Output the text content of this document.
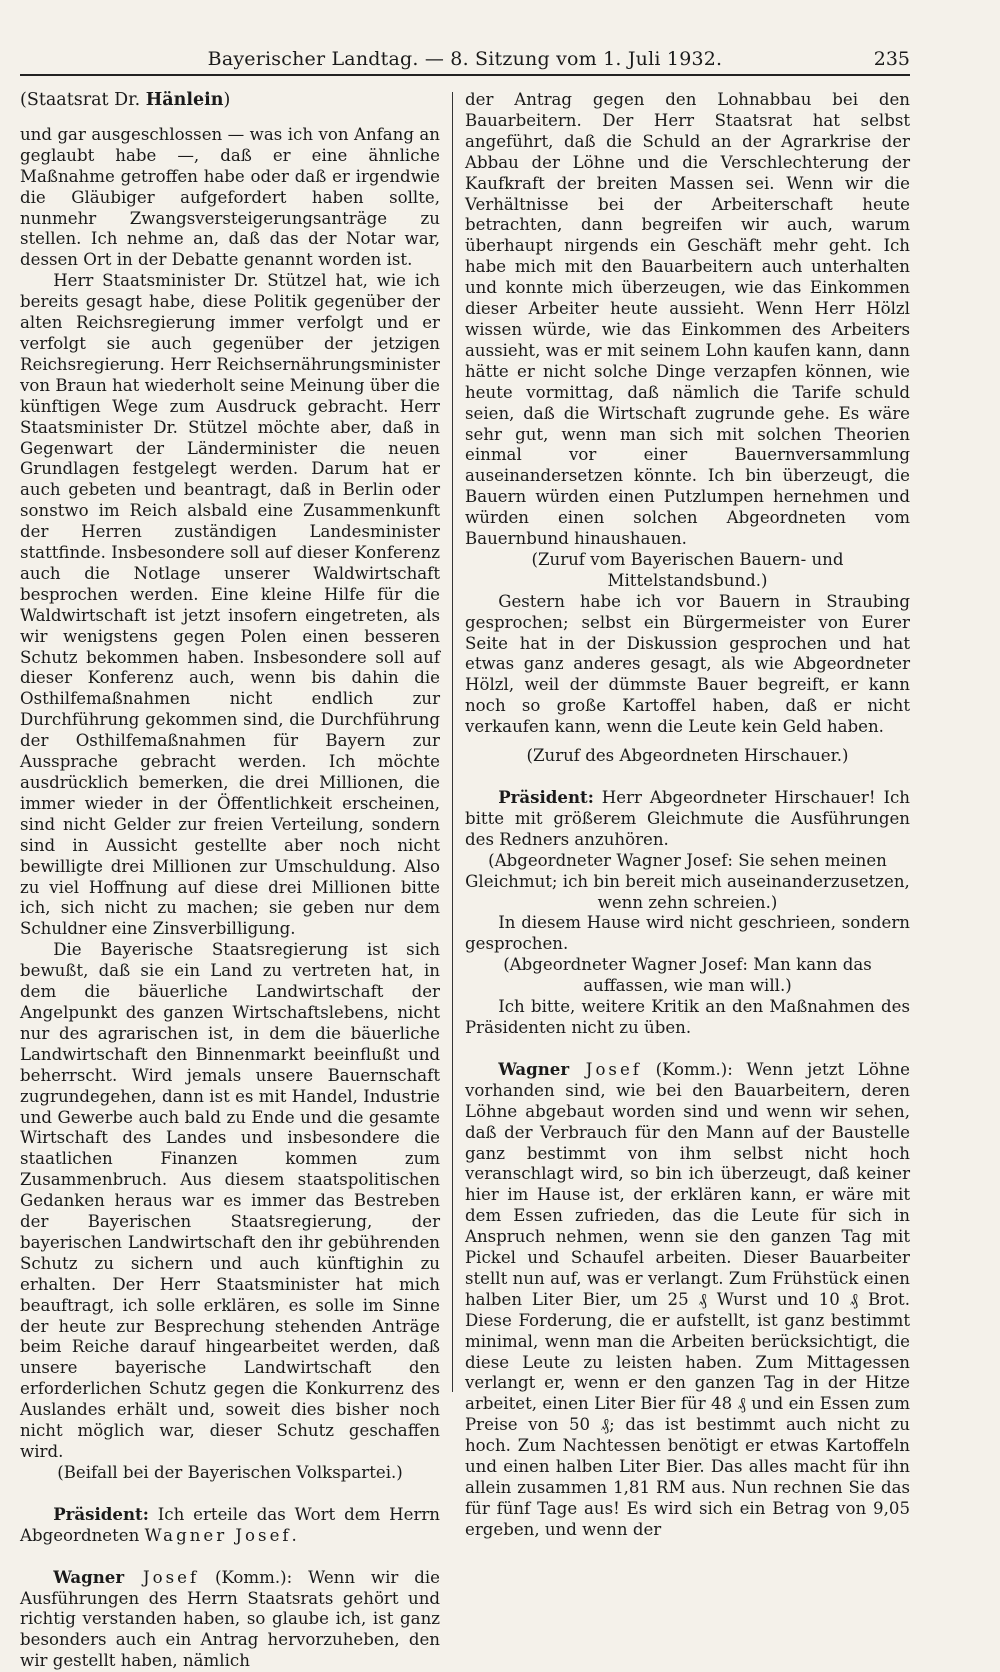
Bayerischer Landtag. — 8. Sitzung vom 1. Juli 1932.	235

(Staatsrat Dr. Hänlein)

und gar ausgeschlossen — was ich von Anfang an geglaubt habe —, daß er eine ähnliche Maßnahme getroffen habe oder daß er irgendwie die Gläubiger aufgefordert haben sollte, nunmehr Zwangsversteigerungsanträge zu stellen. Ich nehme an, daß das der Notar war, dessen Ort in der Debatte genannt worden ist.

Herr Staatsminister Dr. Stützel hat, wie ich bereits gesagt habe, diese Politik gegenüber der alten Reichsregierung immer verfolgt und er verfolgt sie auch gegenüber der jetzigen Reichsregierung. Herr Reichsernährungsminister von Braun hat wiederholt seine Meinung über die künftigen Wege zum Ausdruck gebracht. Herr Staatsminister Dr. Stützel möchte aber, daß in Gegenwart der Länderminister die neuen Grundlagen festgelegt werden. Darum hat er auch gebeten und beantragt, daß in Berlin oder sonstwo im Reich alsbald eine Zusammenkunft der Herren zuständigen Landesminister stattfinde. Insbesondere soll auf dieser Konferenz auch die Notlage unserer Waldwirtschaft besprochen werden. Eine kleine Hilfe für die Waldwirtschaft ist jetzt insofern eingetreten, als wir wenigstens gegen Polen einen besseren Schutz bekommen haben. Insbesondere soll auf dieser Konferenz auch, wenn bis dahin die Osthilfemaßnahmen nicht endlich zur Durchführung gekommen sind, die Durchführung der Osthilfemaßnahmen für Bayern zur Aussprache gebracht werden. Ich möchte ausdrücklich bemerken, die drei Millionen, die immer wieder in der Öffentlichkeit erscheinen, sind nicht Gelder zur freien Verteilung, sondern sind in Aussicht gestellte aber noch nicht bewilligte drei Millionen zur Umschuldung. Also zu viel Hoffnung auf diese drei Millionen bitte ich, sich nicht zu machen; sie geben nur dem Schuldner eine Zinsverbilligung.

Die Bayerische Staatsregierung ist sich bewußt, daß sie ein Land zu vertreten hat, in dem die bäuerliche Landwirtschaft der Angelpunkt des ganzen Wirtschaftslebens, nicht nur des agrarischen ist, in dem die bäuerliche Landwirtschaft den Binnenmarkt beeinflußt und beherrscht. Wird jemals unsere Bauernschaft zugrundegehen, dann ist es mit Handel, Industrie und Gewerbe auch bald zu Ende und die gesamte Wirtschaft des Landes und insbesondere die staatlichen Finanzen kommen zum Zusammenbruch. Aus diesem staatspolitischen Gedanken heraus war es immer das Bestreben der Bayerischen Staatsregierung, der bayerischen Landwirtschaft den ihr gebührenden Schutz zu sichern und auch künftighin zu erhalten. Der Herr Staatsminister hat mich beauftragt, ich solle erklären, es solle im Sinne der heute zur Besprechung stehenden Anträge beim Reiche darauf hingearbeitet werden, daß unsere bayerische Landwirtschaft den erforderlichen Schutz gegen die Konkurrenz des Auslandes erhält und, soweit dies bisher noch nicht möglich war, dieser Schutz geschaffen wird.

(Beifall bei der Bayerischen Volkspartei.)

Präsident: Ich erteile das Wort dem Herrn Abgeordneten Wagner Josef.

Wagner Josef (Komm.): Wenn wir die Ausführungen des Herrn Staatsrats gehört und richtig verstanden haben, so glaube ich, ist ganz besonders auch ein Antrag hervorzuheben, den wir gestellt haben, nämlich

der Antrag gegen den Lohnabbau bei den Bauarbeitern. Der Herr Staatsrat hat selbst angeführt, daß die Schuld an der Agrarkrise der Abbau der Löhne und die Verschlechterung der Kaufkraft der breiten Massen sei. Wenn wir die Verhältnisse bei der Arbeiterschaft heute betrachten, dann begreifen wir auch, warum überhaupt nirgends ein Geschäft mehr geht. Ich habe mich mit den Bauarbeitern auch unterhalten und konnte mich überzeugen, wie das Einkommen dieser Arbeiter heute aussieht. Wenn Herr Hölzl wissen würde, wie das Einkommen des Arbeiters aussieht, was er mit seinem Lohn kaufen kann, dann hätte er nicht solche Dinge verzapfen können, wie heute vormittag, daß nämlich die Tarife schuld seien, daß die Wirtschaft zugrunde gehe. Es wäre sehr gut, wenn man sich mit solchen Theorien einmal vor einer Bauernversammlung auseinandersetzen könnte. Ich bin überzeugt, die Bauern würden einen Putzlumpen hernehmen und würden einen solchen Abgeordneten vom Bauernbund hinaushauen.

(Zuruf vom Bayerischen Bauern- und Mittelstandsbund.)

Gestern habe ich vor Bauern in Straubing gesprochen; selbst ein Bürgermeister von Eurer Seite hat in der Diskussion gesprochen und hat etwas ganz anderes gesagt, als wie Abgeordneter Hölzl, weil der dümmste Bauer begreift, er kann noch so große Kartoffel haben, daß er nicht verkaufen kann, wenn die Leute kein Geld haben.

(Zuruf des Abgeordneten Hirschauer.)

Präsident: Herr Abgeordneter Hirschauer! Ich bitte mit größerem Gleichmute die Ausführungen des Redners anzuhören.

(Abgeordneter Wagner Josef: Sie sehen meinen Gleichmut; ich bin bereit mich auseinanderzusetzen, wenn zehn schreien.)

In diesem Hause wird nicht geschrieen, sondern gesprochen.

(Abgeordneter Wagner Josef: Man kann das auffassen, wie man will.)

Ich bitte, weitere Kritik an den Maßnahmen des Präsidenten nicht zu üben.

Wagner Josef (Komm.): Wenn jetzt Löhne vorhanden sind, wie bei den Bauarbeitern, deren Löhne abgebaut worden sind und wenn wir sehen, daß der Verbrauch für den Mann auf der Baustelle ganz bestimmt von ihm selbst nicht hoch veranschlagt wird, so bin ich überzeugt, daß keiner hier im Hause ist, der erklären kann, er wäre mit dem Essen zufrieden, das die Leute für sich in Anspruch nehmen, wenn sie den ganzen Tag mit Pickel und Schaufel arbeiten. Dieser Bauarbeiter stellt nun auf, was er verlangt. Zum Frühstück einen halben Liter Bier, um 25 ₰ Wurst und 10 ₰ Brot. Diese Forderung, die er aufstellt, ist ganz bestimmt minimal, wenn man die Arbeiten berücksichtigt, die diese Leute zu leisten haben. Zum Mittagessen verlangt er, wenn er den ganzen Tag in der Hitze arbeitet, einen Liter Bier für 48 ₰ und ein Essen zum Preise von 50 ₰; das ist bestimmt auch nicht zu hoch. Zum Nachtessen benötigt er etwas Kartoffeln und einen halben Liter Bier. Das alles macht für ihn allein zusammen 1,81 RM aus. Nun rechnen Sie das für fünf Tage aus! Es wird sich ein Betrag von 9,05 ergeben, und wenn der
